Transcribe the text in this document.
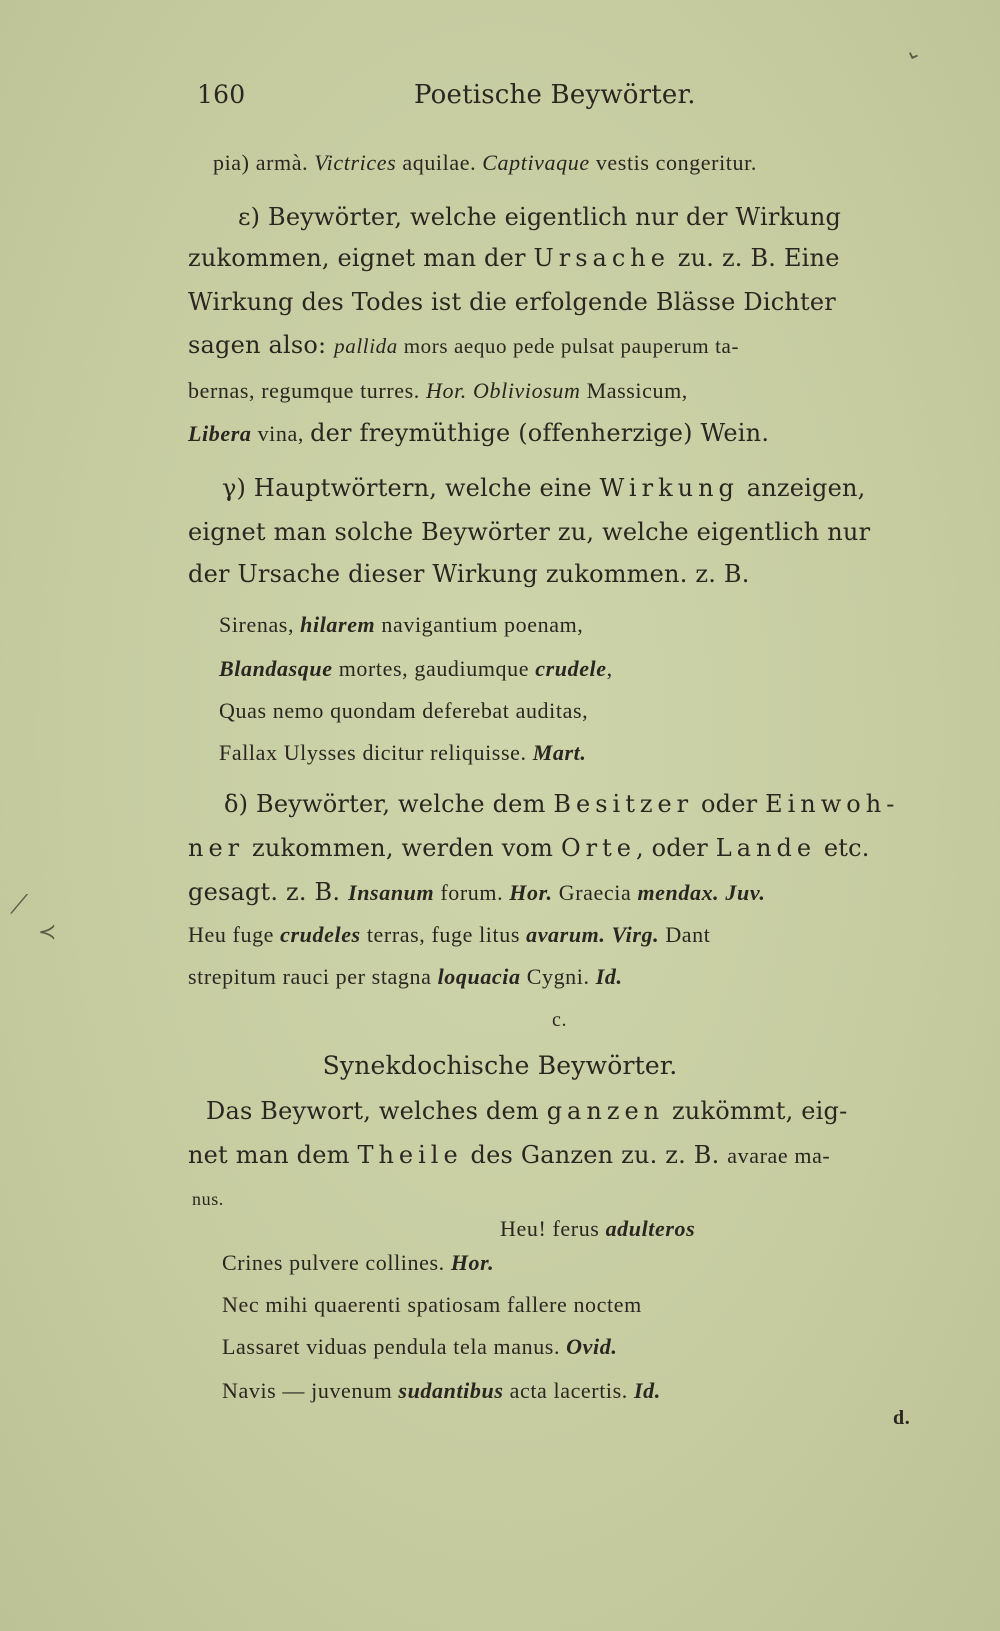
⌄
⟋
≺
160	Poetische Beywörter.
pia) armà. Victrices aquilae. Captivaque vestis congeritur.
ε) Beywörter, welche eigentlich nur der Wirkung
zukommen, eignet man der Ursache zu. z. B. Eine
Wirkung des Todes ist die erfolgende Blässe Dichter
sagen also: pallida mors aequo pede pulsat pauperum ta-
bernas, regumque turres. Hor. Obliviosum Massicum,
Libera vina, der freymüthige (offenherzige) Wein.
γ) Hauptwörtern, welche eine Wirkung anzeigen,
eignet man solche Beywörter zu, welche eigentlich nur
der Ursache dieser Wirkung zukommen. z. B.
Sirenas, hilarem navigantium poenam,
Blandasque mortes, gaudiumque crudele,
Quas nemo quondam deferebat auditas,
Fallax Ulysses dicitur reliquisse. Mart.
δ) Beywörter, welche dem Besitzer oder Einwoh-
ner zukommen, werden vom Orte, oder Lande etc.
gesagt. z. B. Insanum forum. Hor. Graecia mendax. Juv.
Heu fuge crudeles terras, fuge litus avarum. Virg. Dant
strepitum rauci per stagna loquacia Cygni. Id.
c.
Synekdochische Beywörter.
Das Beywort, welches dem ganzen zukömmt, eig-
net man dem Theile des Ganzen zu. z. B. avarae ma-
nus.
Heu! ferus adulteros
Crines pulvere collines. Hor.
Nec mihi quaerenti spatiosam fallere noctem
Lassaret viduas pendula tela manus. Ovid.
Navis — juvenum sudantibus acta lacertis. Id.
d.
